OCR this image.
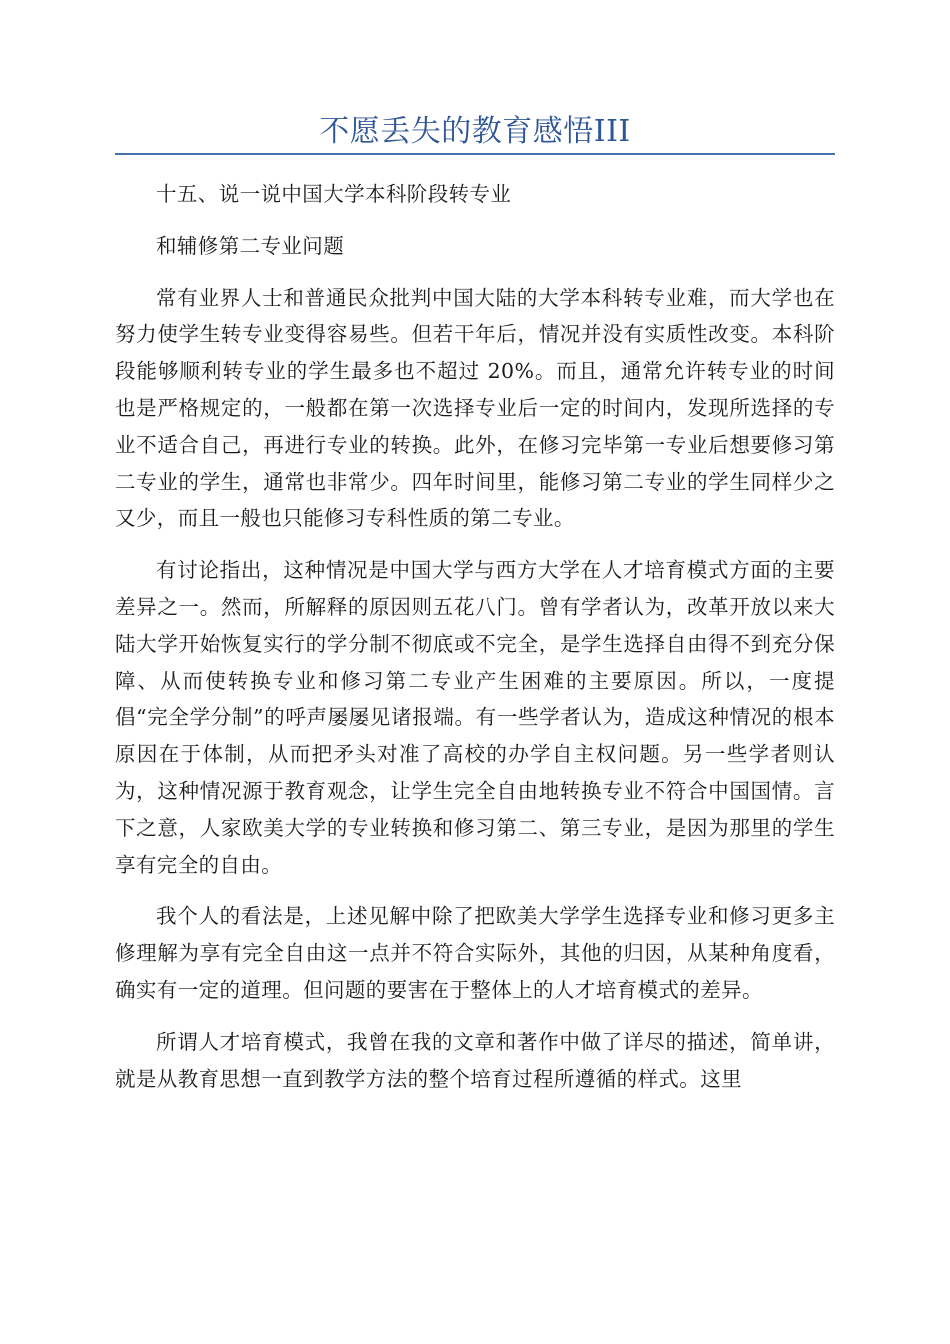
不愿丢失的教育感悟III

十五、说一说中国大学本科阶段转专业

和辅修第二专业问题

常有业界人士和普通民众批判中国大陆的大学本科转专业难，而大学也在努力使学生转专业变得容易些。但若干年后，情况并没有实质性改变。本科阶段能够顺利转专业的学生最多也不超过 20%。而且，通常允许转专业的时间也是严格规定的，一般都在第一次选择专业后一定的时间内，发现所选择的专业不适合自己，再进行专业的转换。此外，在修习完毕第一专业后想要修习第二专业的学生，通常也非常少。四年时间里，能修习第二专业的学生同样少之又少，而且一般也只能修习专科性质的第二专业。

有讨论指出，这种情况是中国大学与西方大学在人才培育模式方面的主要差异之一。然而，所解释的原因则五花八门。曾有学者认为，改革开放以来大陆大学开始恢复实行的学分制不彻底或不完全，是学生选择自由得不到充分保障、从而使转换专业和修习第二专业产生困难的主要原因。所以，一度提倡“完全学分制”的呼声屡屡见诸报端。有一些学者认为，造成这种情况的根本原因在于体制，从而把矛头对准了高校的办学自主权问题。另一些学者则认为，这种情况源于教育观念，让学生完全自由地转换专业不符合中国国情。言下之意，人家欧美大学的专业转换和修习第二、第三专业，是因为那里的学生享有完全的自由。

我个人的看法是，上述见解中除了把欧美大学学生选择专业和修习更多主修理解为享有完全自由这一点并不符合实际外，其他的归因，从某种角度看，确实有一定的道理。但问题的要害在于整体上的人才培育模式的差异。

所谓人才培育模式，我曾在我的文章和著作中做了详尽的描述，简单讲，就是从教育思想一直到教学方法的整个培育过程所遵循的样式。这里
